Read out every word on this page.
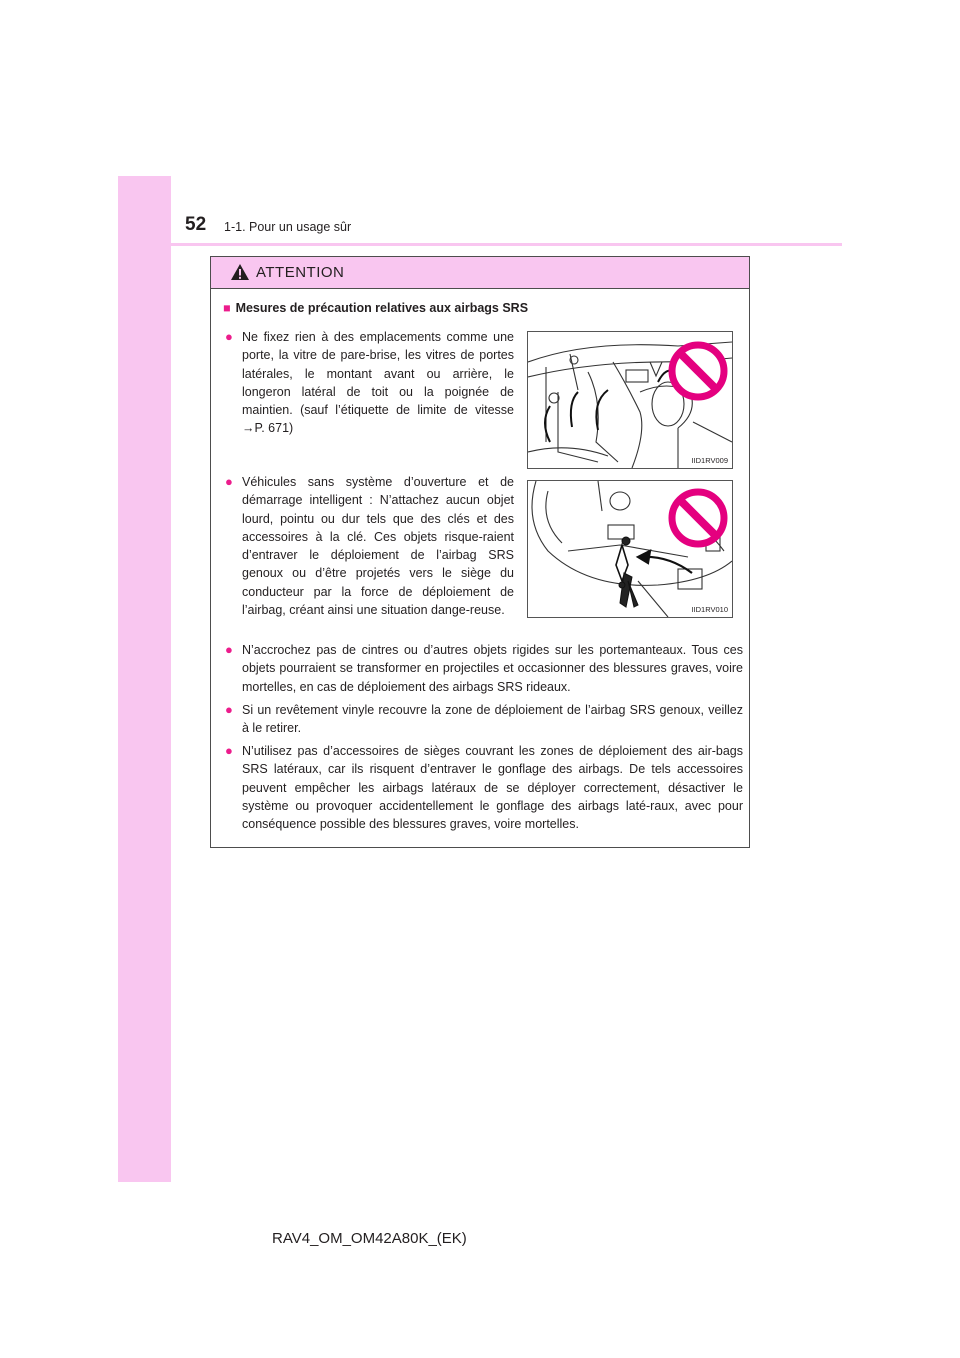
52 1-1. Pour un usage sûr
ATTENTION
■ Mesures de précaution relatives aux airbags SRS
● Ne fixez rien à des emplacements comme une porte, la vitre de pare-brise, les vitres de portes latérales, le montant avant ou arrière, le longeron latéral de toit ou la poignée de maintien. (sauf l’étiquette de limite de vitesse →P. 671)
IID1RV009
● Véhicules sans système d’ouverture et de démarrage intelligent : N’attachez aucun objet lourd, pointu ou dur tels que des clés et des accessoires à la clé. Ces objets risque-raient d’entraver le déploiement de l’airbag SRS genoux ou d’être projetés vers le siège du conducteur par la force de déploiement de l’airbag, créant ainsi une situation dange-reuse.	IID1RV010
● N’accrochez pas de cintres ou d’autres objets rigides sur les portemanteaux. Tous ces objets pourraient se transformer en projectiles et occasionner des blessures graves, voire mortelles, en cas de déploiement des airbags SRS rideaux.
● Si un revêtement vinyle recouvre la zone de déploiement de l’airbag SRS genoux, veillez à le retirer.
● N’utilisez pas d’accessoires de sièges couvrant les zones de déploiement des air-bags SRS latéraux, car ils risquent d’entraver le gonflage des airbags. De tels accessoires peuvent empêcher les airbags latéraux de se déployer correctement, désactiver le système ou provoquer accidentellement le gonflage des airbags laté-raux, avec pour conséquence possible des blessures graves, voire mortelles.
RAV4_OM_OM42A80K_(EK)
